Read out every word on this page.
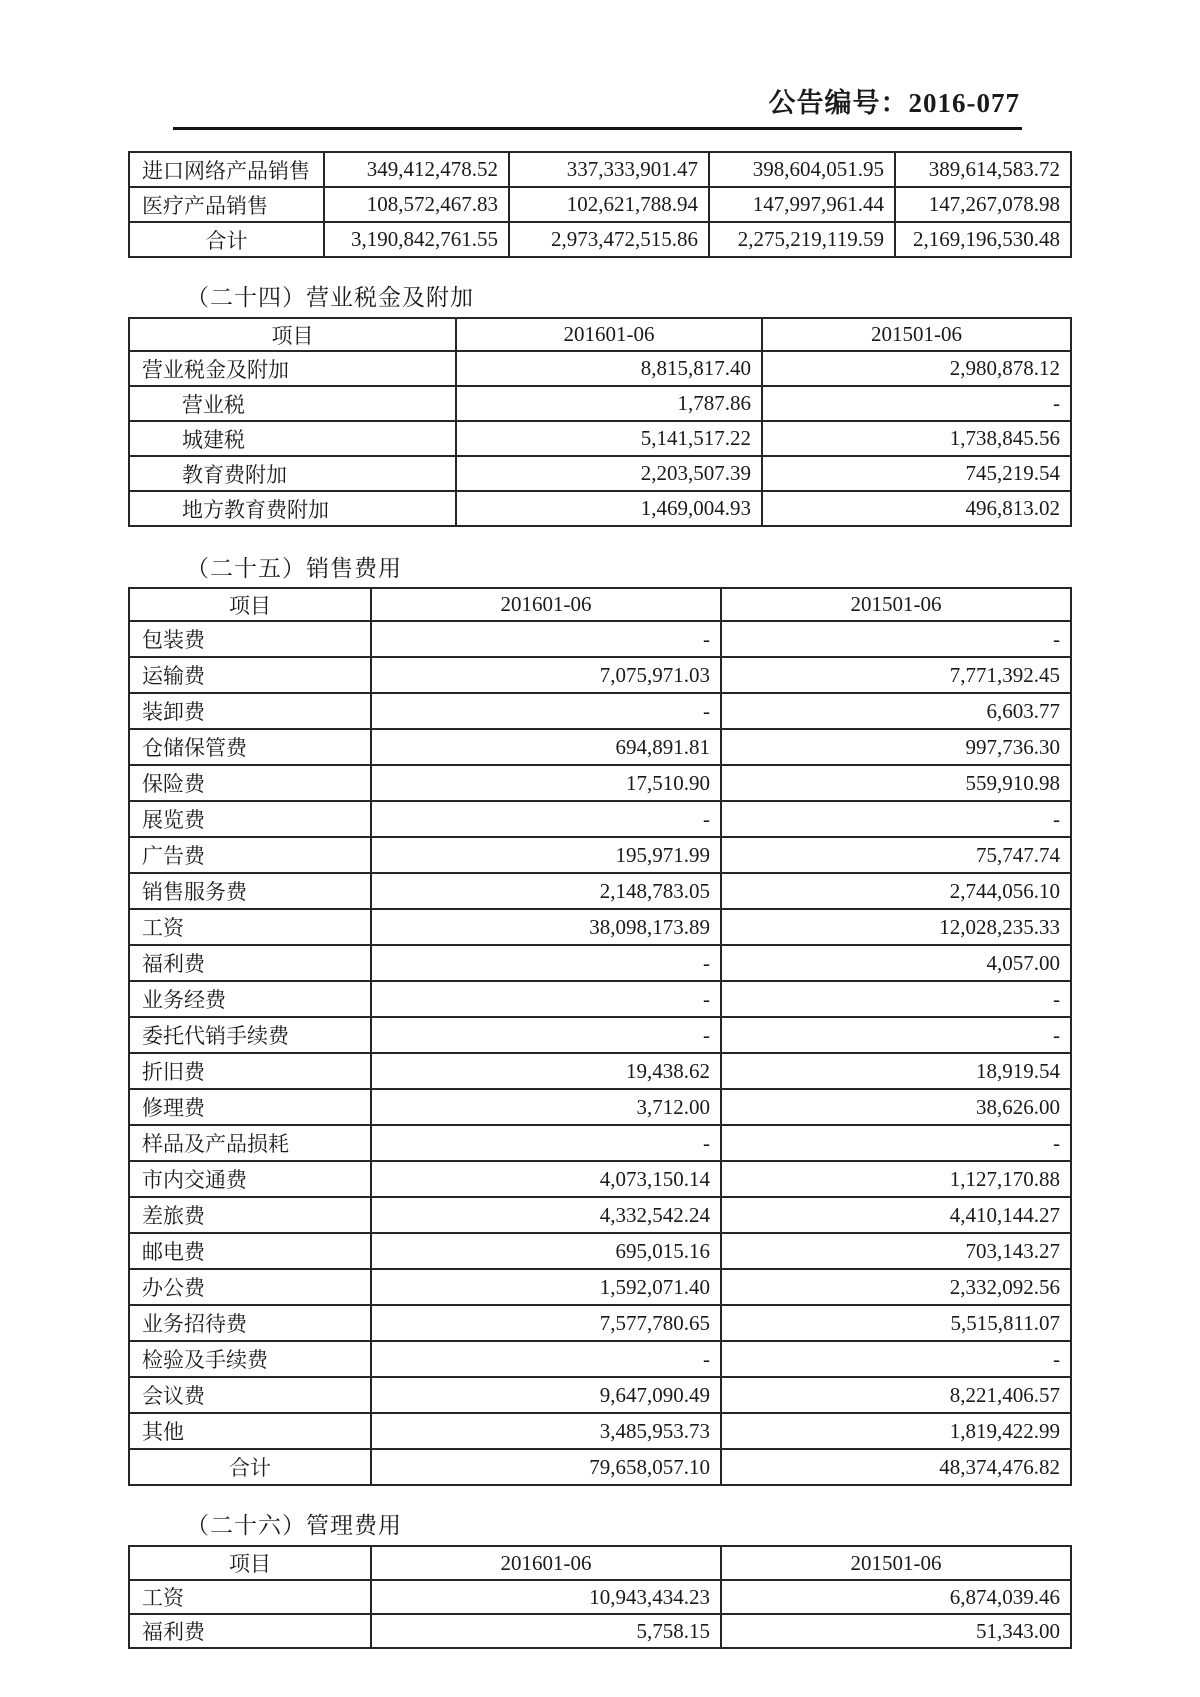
公告编号：2016-077
进口网络产品销售	349,412,478.52	337,333,901.47	398,604,051.95	389,614,583.72
医疗产品销售	108,572,467.83	102,621,788.94	147,997,961.44	147,267,078.98
合计	3,190,842,761.55	2,973,472,515.86	2,275,219,119.59	2,169,196,530.48
（二十四）营业税金及附加
项目	201601-06	201501-06
营业税金及附加	8,815,817.40	2,980,878.12
营业税	1,787.86	-
城建税	5,141,517.22	1,738,845.56
教育费附加	2,203,507.39	745,219.54
地方教育费附加	1,469,004.93	496,813.02
（二十五）销售费用
项目	201601-06	201501-06
包装费	-	-
运输费	7,075,971.03	7,771,392.45
装卸费	-	6,603.77
仓储保管费	694,891.81	997,736.30
保险费	17,510.90	559,910.98
展览费	-	-
广告费	195,971.99	75,747.74
销售服务费	2,148,783.05	2,744,056.10
工资	38,098,173.89	12,028,235.33
福利费	-	4,057.00
业务经费	-	-
委托代销手续费	-	-
折旧费	19,438.62	18,919.54
修理费	3,712.00	38,626.00
样品及产品损耗	-	-
市内交通费	4,073,150.14	1,127,170.88
差旅费	4,332,542.24	4,410,144.27
邮电费	695,015.16	703,143.27
办公费	1,592,071.40	2,332,092.56
业务招待费	7,577,780.65	5,515,811.07
检验及手续费	-	-
会议费	9,647,090.49	8,221,406.57
其他	3,485,953.73	1,819,422.99
合计	79,658,057.10	48,374,476.82
（二十六）管理费用
项目	201601-06	201501-06
工资	10,943,434.23	6,874,039.46
福利费	5,758.15	51,343.00
